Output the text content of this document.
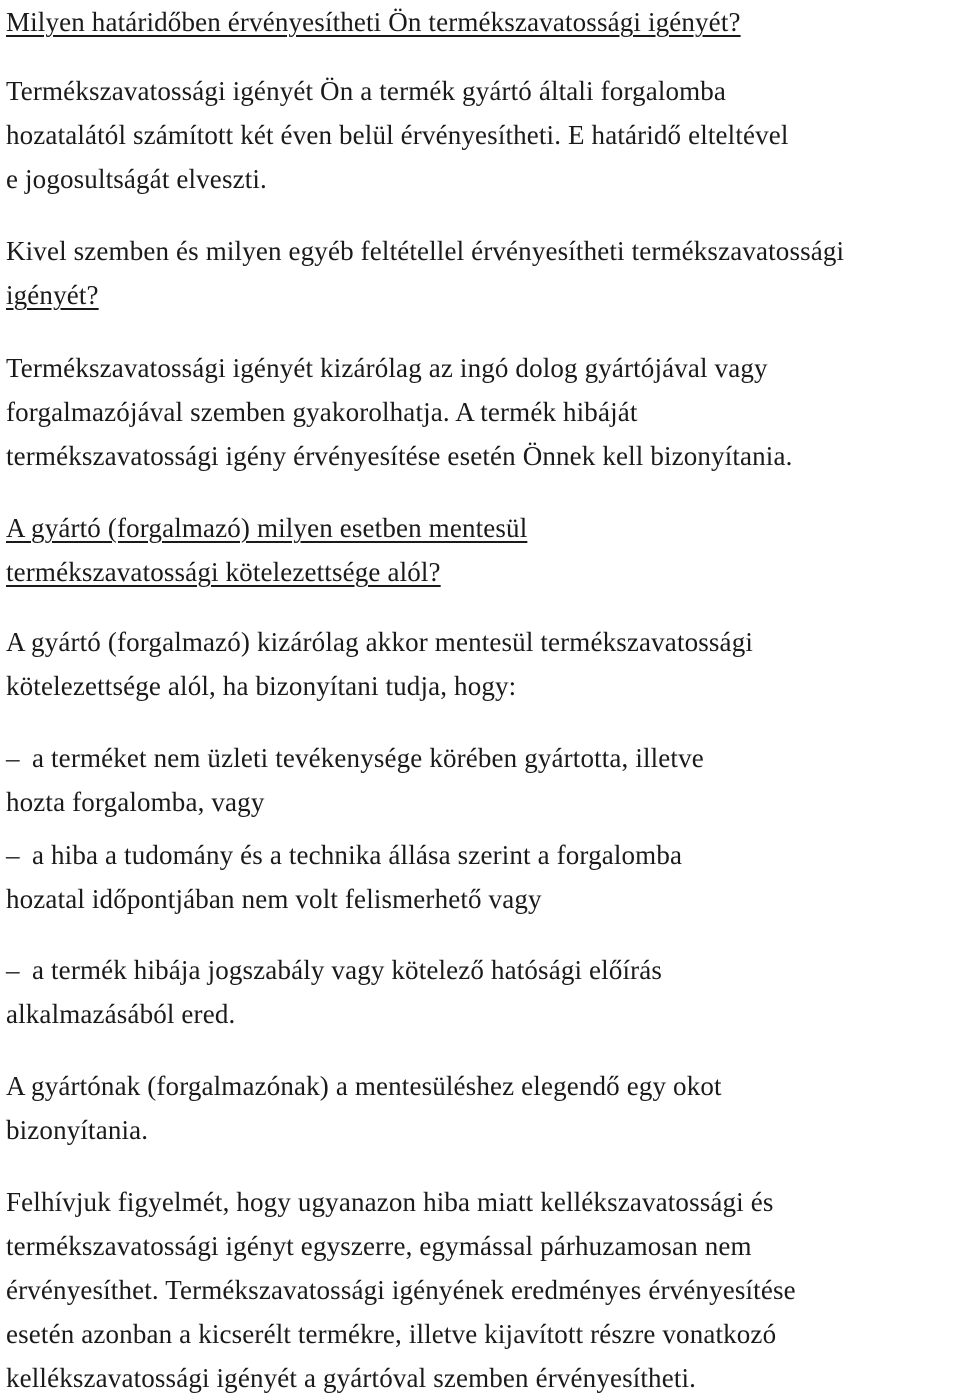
Milyen határidőben érvényesítheti Ön termékszavatossági igényét?

Termékszavatossági igényét Ön a termék gyártó általi forgalomba
hozatalától számított két éven belül érvényesítheti. E határidő elteltével
e jogosultságát elveszti.

Kivel szemben és milyen egyéb feltétellel érvényesítheti termékszavatossági
igényét?

Termékszavatossági igényét kizárólag az ingó dolog gyártójával vagy
forgalmazójával szemben gyakorolhatja. A termék hibáját
termékszavatossági igény érvényesítése esetén Önnek kell bizonyítania.

A gyártó (forgalmazó) milyen esetben mentesül
termékszavatossági kötelezettsége alól?

A gyártó (forgalmazó) kizárólag akkor mentesül termékszavatossági
kötelezettsége alól, ha bizonyítani tudja, hogy:

– a terméket nem üzleti tevékenysége körében gyártotta, illetve
hozta forgalomba, vagy

– a hiba a tudomány és a technika állása szerint a forgalomba
hozatal időpontjában nem volt felismerhető vagy

– a termék hibája jogszabály vagy kötelező hatósági előírás
alkalmazásából ered.

A gyártónak (forgalmazónak) a mentesüléshez elegendő egy okot
bizonyítania.

Felhívjuk figyelmét, hogy ugyanazon hiba miatt kellékszavatossági és
termékszavatossági igényt egyszerre, egymással párhuzamosan nem
érvényesíthet. Termékszavatossági igényének eredményes érvényesítése
esetén azonban a kicserélt termékre, illetve kijavított részre vonatkozó
kellékszavatossági igényét a gyártóval szemben érvényesítheti.
